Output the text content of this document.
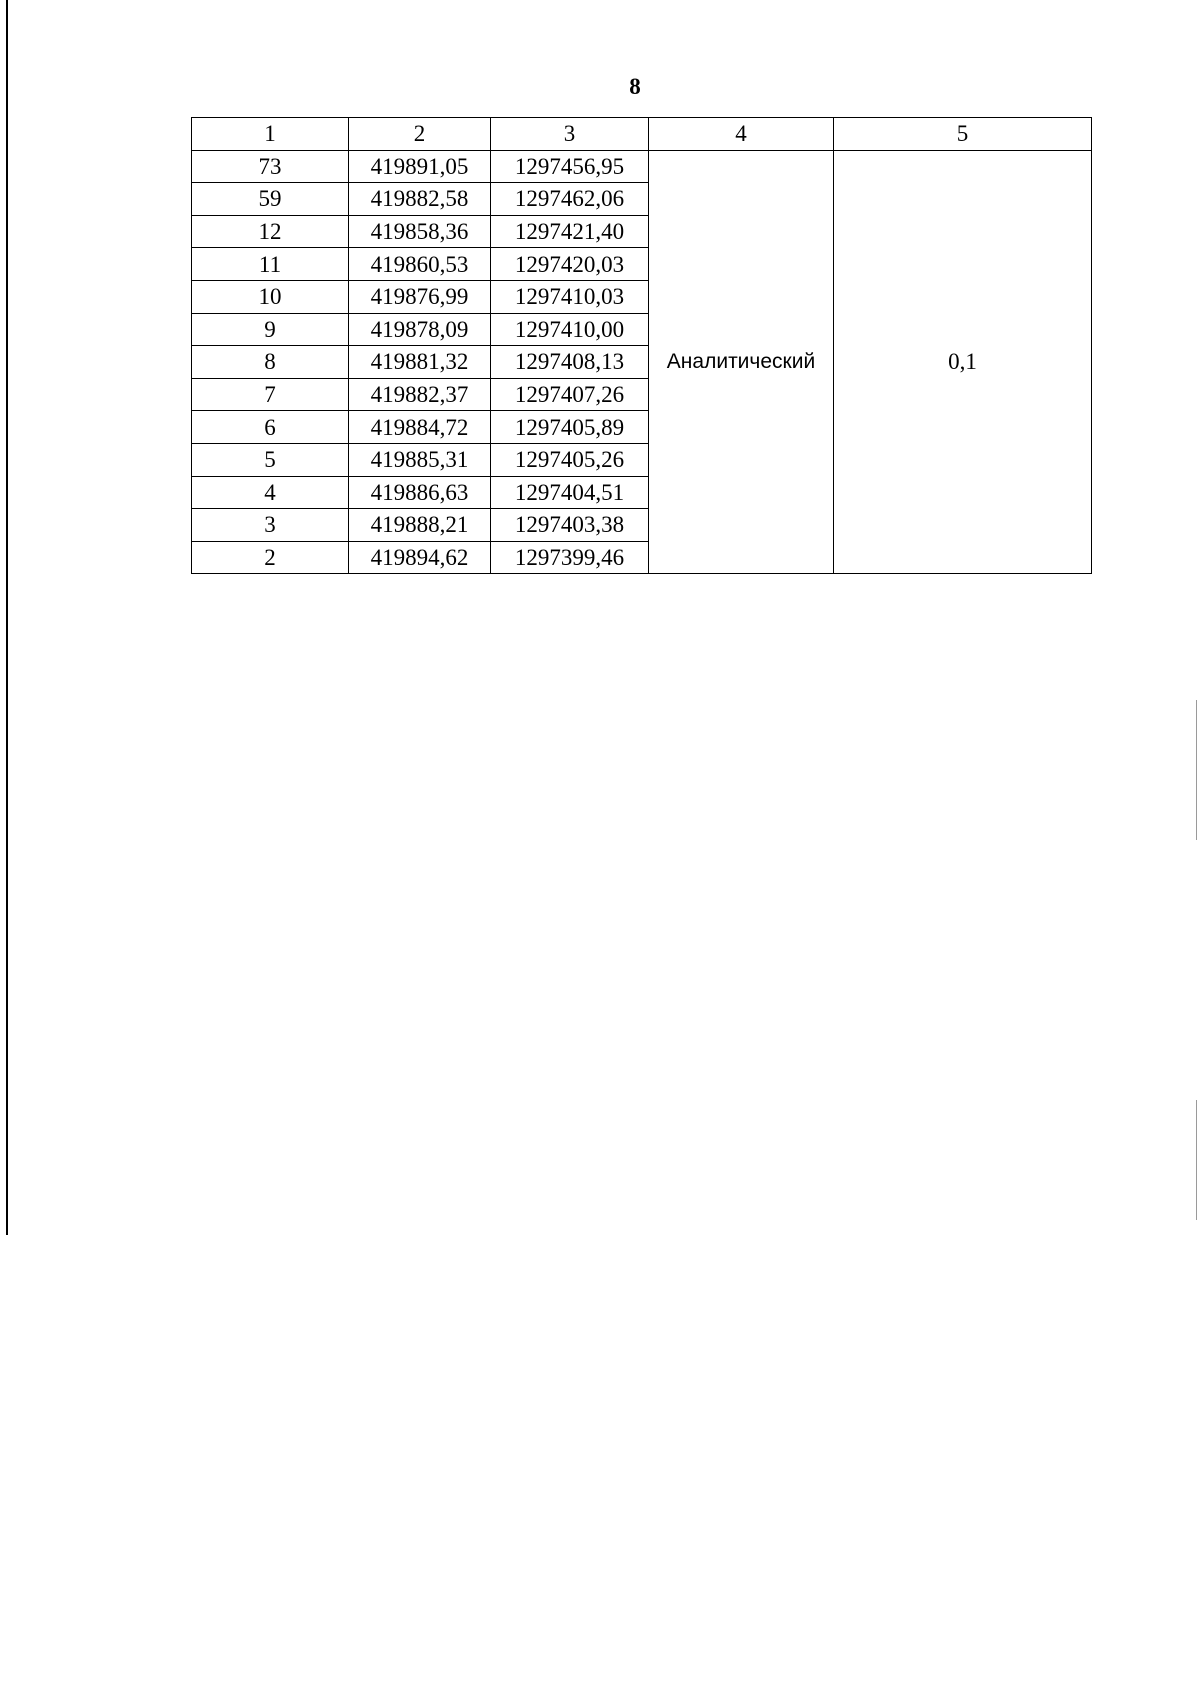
8
1	2	3	4	5
73	419891,05	1297456,95	Аналитический	0,1
59	419882,58	1297462,06		
12	419858,36	1297421,40		
11	419860,53	1297420,03		
10	419876,99	1297410,03		
9	419878,09	1297410,00		
8	419881,32	1297408,13		
7	419882,37	1297407,26		
6	419884,72	1297405,89		
5	419885,31	1297405,26		
4	419886,63	1297404,51		
3	419888,21	1297403,38		
2	419894,62	1297399,46		
